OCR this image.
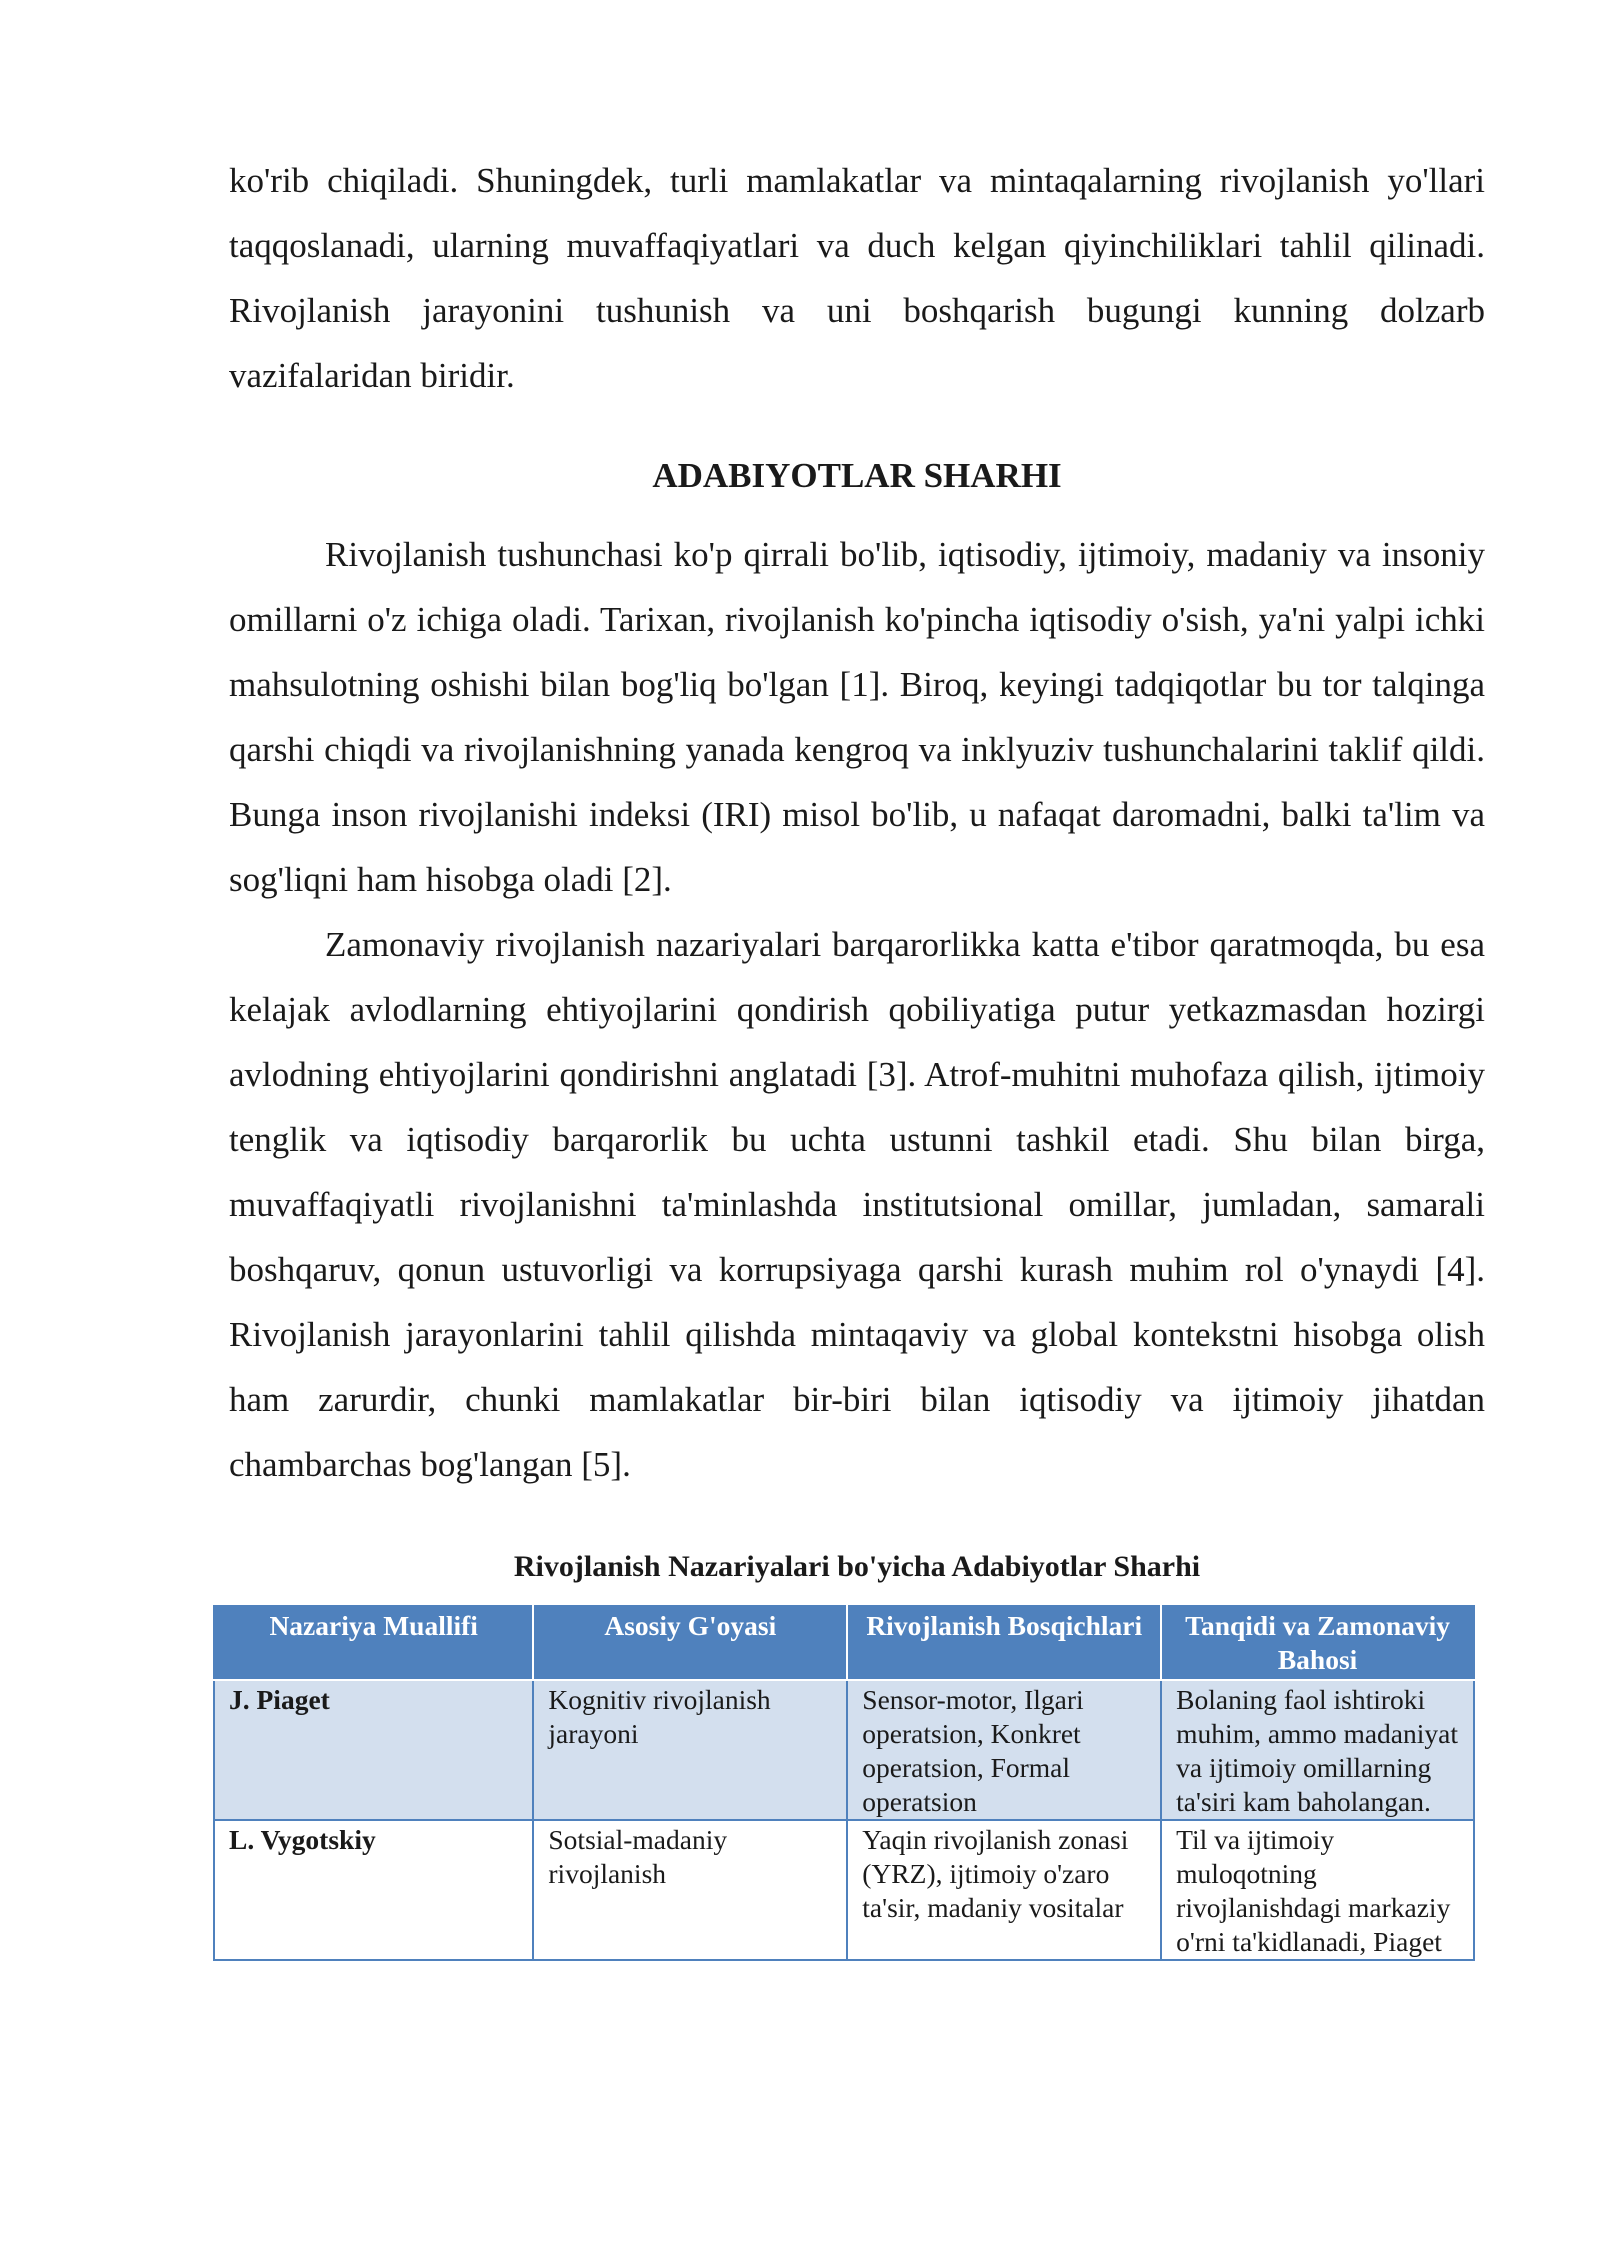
ko'rib chiqiladi. Shuningdek, turli mamlakatlar va mintaqalarning rivojlanish yo'llari taqqoslanadi, ularning muvaffaqiyatlari va duch kelgan qiyinchiliklari tahlil qilinadi. Rivojlanish jarayonini tushunish va uni boshqarish bugungi kunning dolzarb vazifalaridan biridir.

ADABIYOTLAR SHARHI

Rivojlanish tushunchasi ko'p qirrali bo'lib, iqtisodiy, ijtimoiy, madaniy va insoniy omillarni o'z ichiga oladi. Tarixan, rivojlanish ko'pincha iqtisodiy o'sish, ya'ni yalpi ichki mahsulotning oshishi bilan bog'liq bo'lgan [1]. Biroq, keyingi tadqiqotlar bu tor talqinga qarshi chiqdi va rivojlanishning yanada kengroq va inklyuziv tushunchalarini taklif qildi. Bunga inson rivojlanishi indeksi (IRI) misol bo'lib, u nafaqat daromadni, balki ta'lim va sog'liqni ham hisobga oladi [2].

Zamonaviy rivojlanish nazariyalari barqarorlikka katta e'tibor qaratmoqda, bu esa kelajak avlodlarning ehtiyojlarini qondirish qobiliyatiga putur yetkazmasdan hozirgi avlodning ehtiyojlarini qondirishni anglatadi [3]. Atrof-muhitni muhofaza qilish, ijtimoiy tenglik va iqtisodiy barqarorlik bu uchta ustunni tashkil etadi. Shu bilan birga, muvaffaqiyatli rivojlanishni ta'minlashda institutsional omillar, jumladan, samarali boshqaruv, qonun ustuvorligi va korrupsiyaga qarshi kurash muhim rol o'ynaydi [4]. Rivojlanish jarayonlarini tahlil qilishda mintaqaviy va global kontekstni hisobga olish ham zarurdir, chunki mamlakatlar bir-biri bilan iqtisodiy va ijtimoiy jihatdan chambarchas bog'langan [5].

Rivojlanish Nazariyalari bo'yicha Adabiyotlar Sharhi
Nazariya Muallifi	Asosiy G'oyasi	Rivojlanish Bosqichlari	Tanqidi va Zamonaviy Bahosi
J. Piaget	Kognitiv rivojlanish jarayoni	Sensor-motor, Ilgari operatsion, Konkret operatsion, Formal operatsion	Bolaning faol ishtiroki muhim, ammo madaniyat va ijtimoiy omillarning ta'siri kam baholangan.
L. Vygotskiy	Sotsial-madaniy rivojlanish	Yaqin rivojlanish zonasi (YRZ), ijtimoiy o'zaro ta'sir, madaniy vositalar	Til va ijtimoiy muloqotning rivojlanishdagi markaziy o'rni ta'kidlanadi, Piaget
